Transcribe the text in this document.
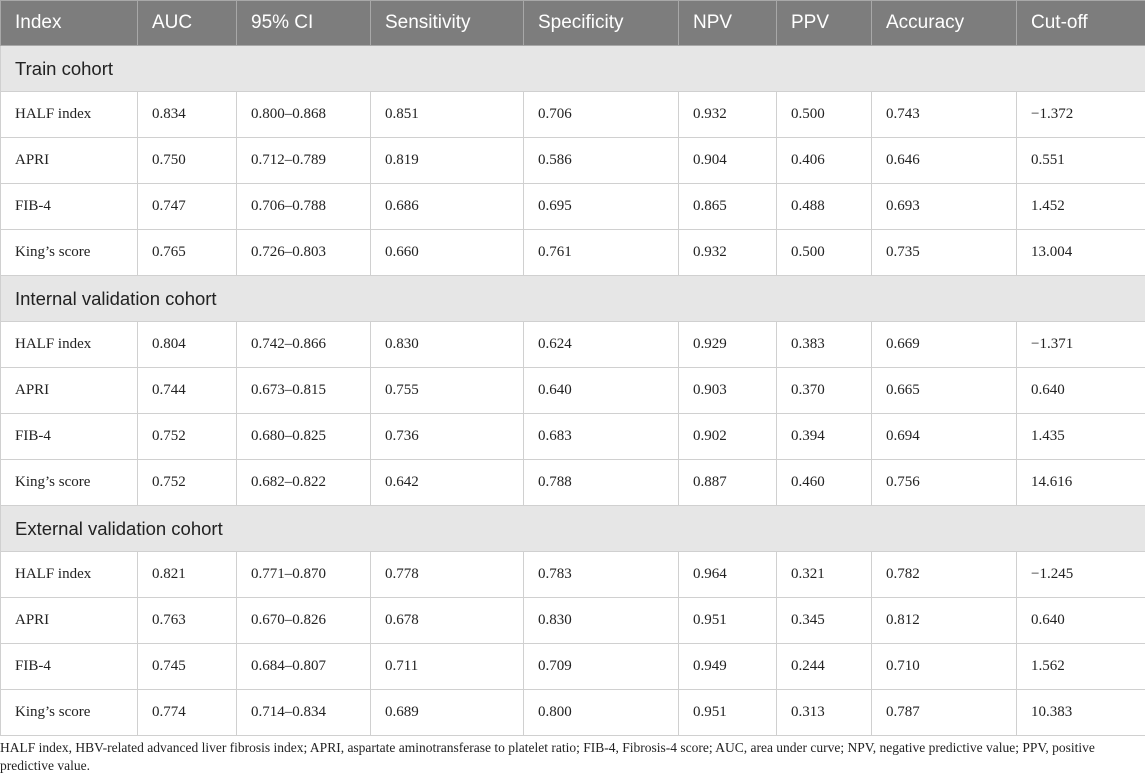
Index	AUC	95% CI	Sensitivity	Specificity	NPV	PPV	Accuracy	Cut-off
Train cohort								
HALF index	0.834	0.800–0.868	0.851	0.706	0.932	0.500	0.743	−1.372
APRI	0.750	0.712–0.789	0.819	0.586	0.904	0.406	0.646	0.551
FIB-4	0.747	0.706–0.788	0.686	0.695	0.865	0.488	0.693	1.452
King’s score	0.765	0.726–0.803	0.660	0.761	0.932	0.500	0.735	13.004
Internal validation cohort								
HALF index	0.804	0.742–0.866	0.830	0.624	0.929	0.383	0.669	−1.371
APRI	0.744	0.673–0.815	0.755	0.640	0.903	0.370	0.665	0.640
FIB-4	0.752	0.680–0.825	0.736	0.683	0.902	0.394	0.694	1.435
King’s score	0.752	0.682–0.822	0.642	0.788	0.887	0.460	0.756	14.616
External validation cohort								
HALF index	0.821	0.771–0.870	0.778	0.783	0.964	0.321	0.782	−1.245
APRI	0.763	0.670–0.826	0.678	0.830	0.951	0.345	0.812	0.640
FIB-4	0.745	0.684–0.807	0.711	0.709	0.949	0.244	0.710	1.562
King’s score	0.774	0.714–0.834	0.689	0.800	0.951	0.313	0.787	10.383
HALF index, HBV-related advanced liver fibrosis index; APRI, aspartate aminotransferase to platelet ratio; FIB-4, Fibrosis-4 score; AUC, area under curve; NPV, negative predictive value; PPV, positive predictive value.
